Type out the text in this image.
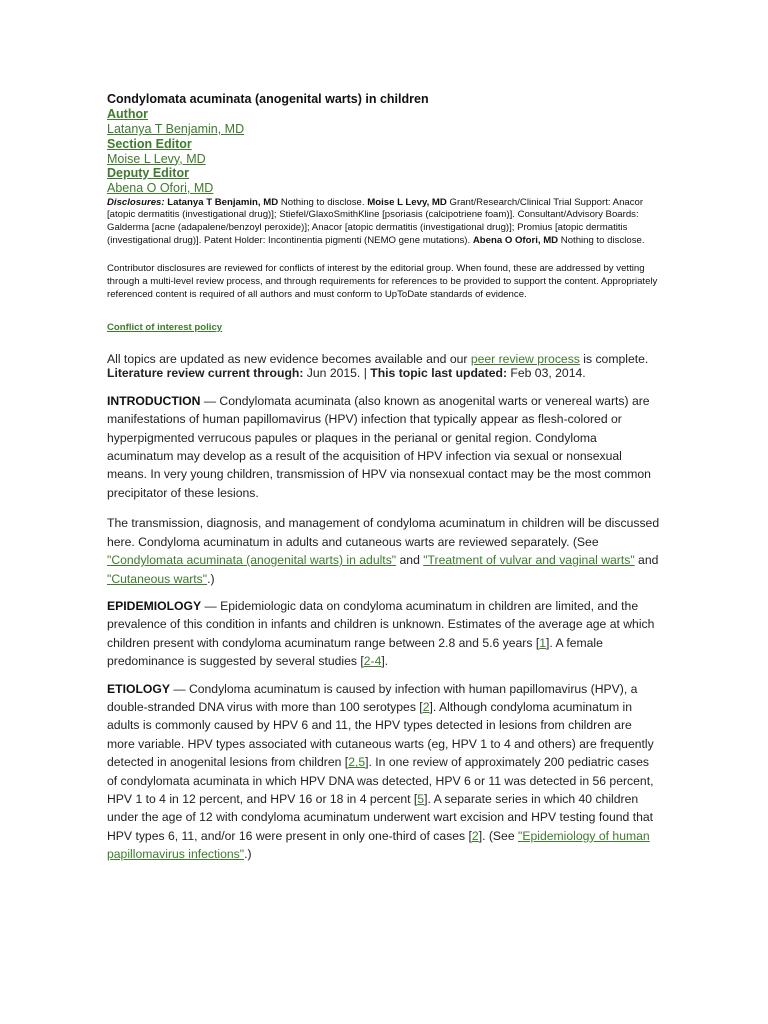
Condylomata acuminata (anogenital warts) in children
Author
Latanya T Benjamin, MD
Section Editor
Moise L Levy, MD
Deputy Editor
Abena O Ofori, MD
Disclosures: Latanya T Benjamin, MD Nothing to disclose. Moise L Levy, MD Grant/Research/Clinical Trial Support: Anacor [atopic dermatitis (investigational drug)]; Stiefel/GlaxoSmithKline [psoriasis (calcipotriene foam)]. Consultant/Advisory Boards: Galderma [acne (adapalene/benzoyl peroxide)]; Anacor [atopic dermatitis (investigational drug)]; Promius [atopic dermatitis (investigational drug)]. Patent Holder: Incontinentia pigmenti (NEMO gene mutations). Abena O Ofori, MD Nothing to disclose.
Contributor disclosures are reviewed for conflicts of interest by the editorial group. When found, these are addressed by vetting through a multi-level review process, and through requirements for references to be provided to support the content. Appropriately referenced content is required of all authors and must conform to UpToDate standards of evidence.
Conflict of interest policy
All topics are updated as new evidence becomes available and our peer review process is complete.
Literature review current through: Jun 2015. | This topic last updated: Feb 03, 2014.

INTRODUCTION — Condylomata acuminata (also known as anogenital warts or venereal warts) are manifestations of human papillomavirus (HPV) infection that typically appear as flesh-colored or hyperpigmented verrucous papules or plaques in the perianal or genital region. Condyloma acuminatum may develop as a result of the acquisition of HPV infection via sexual or nonsexual means. In very young children, transmission of HPV via nonsexual contact may be the most common precipitator of these lesions.

The transmission, diagnosis, and management of condyloma acuminatum in children will be discussed here. Condyloma acuminatum in adults and cutaneous warts are reviewed separately. (See "Condylomata acuminata (anogenital warts) in adults" and "Treatment of vulvar and vaginal warts" and "Cutaneous warts".)

EPIDEMIOLOGY — Epidemiologic data on condyloma acuminatum in children are limited, and the prevalence of this condition in infants and children is unknown. Estimates of the average age at which children present with condyloma acuminatum range between 2.8 and 5.6 years [1]. A female predominance is suggested by several studies [2-4].

ETIOLOGY — Condyloma acuminatum is caused by infection with human papillomavirus (HPV), a double-stranded DNA virus with more than 100 serotypes [2]. Although condyloma acuminatum in adults is commonly caused by HPV 6 and 11, the HPV types detected in lesions from children are more variable. HPV types associated with cutaneous warts (eg, HPV 1 to 4 and others) are frequently detected in anogenital lesions from children [2,5]. In one review of approximately 200 pediatric cases of condylomata acuminata in which HPV DNA was detected, HPV 6 or 11 was detected in 56 percent, HPV 1 to 4 in 12 percent, and HPV 16 or 18 in 4 percent [5]. A separate series in which 40 children under the age of 12 with condyloma acuminatum underwent wart excision and HPV testing found that HPV types 6, 11, and/or 16 were present in only one-third of cases [2]. (See "Epidemiology of human papillomavirus infections".)
